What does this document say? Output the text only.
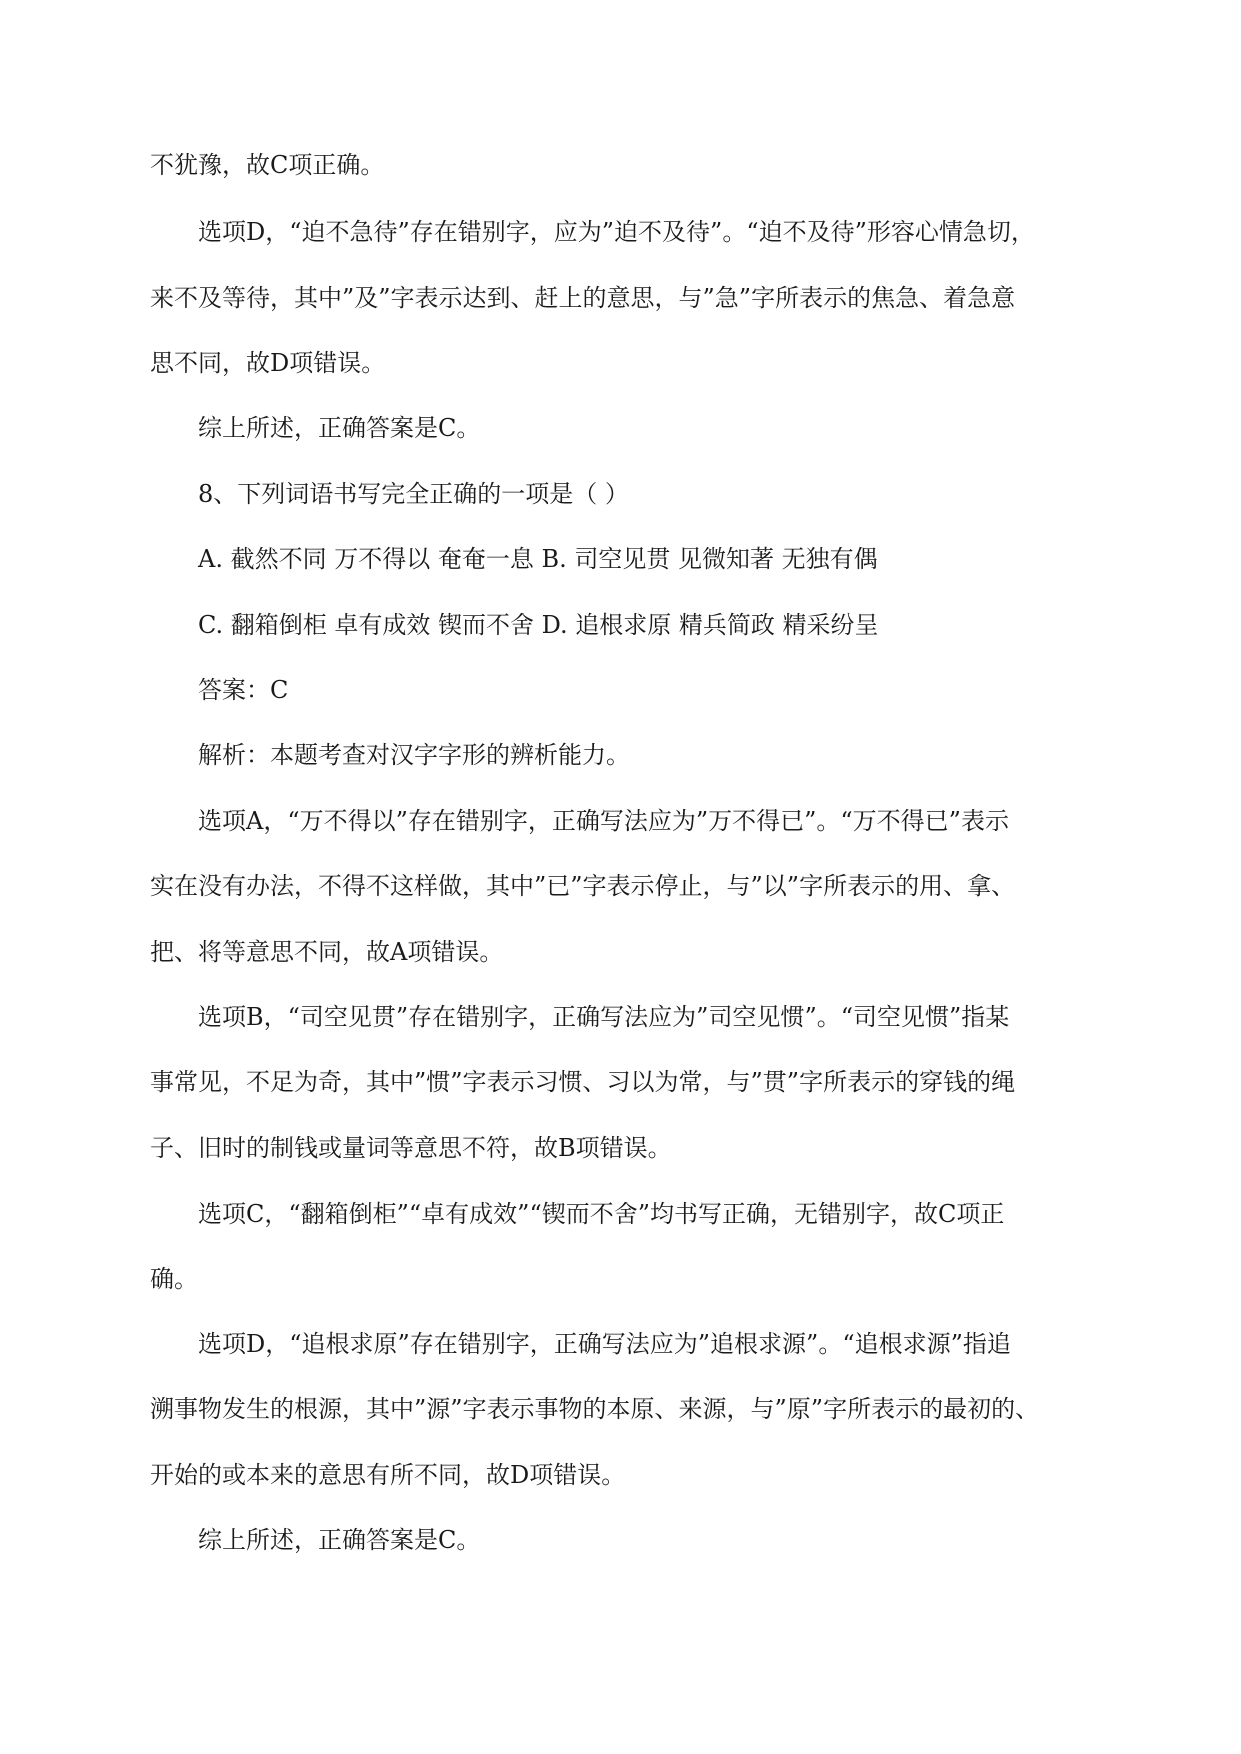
不犹豫，故C项正确。
选项D，“迫不急待”存在错别字，应为”迫不及待”。“迫不及待”形容心情急切，
来不及等待，其中”及”字表示达到、赶上的意思，与”急”字所表示的焦急、着急意
思不同，故D项错误。
综上所述，正确答案是C。
8、下列词语书写完全正确的一项是（ ）
A. 截然不同 万不得以 奄奄一息 B. 司空见贯 见微知著 无独有偶
C. 翻箱倒柜 卓有成效 锲而不舍 D. 追根求原 精兵简政 精采纷呈
答案：C
解析：本题考查对汉字字形的辨析能力。
选项A，“万不得以”存在错别字，正确写法应为”万不得已”。“万不得已”表示
实在没有办法，不得不这样做，其中”已”字表示停止，与”以”字所表示的用、拿、
把、将等意思不同，故A项错误。
选项B，“司空见贯”存在错别字，正确写法应为”司空见惯”。“司空见惯”指某
事常见，不足为奇，其中”惯”字表示习惯、习以为常，与”贯”字所表示的穿钱的绳
子、旧时的制钱或量词等意思不符，故B项错误。
选项C，“翻箱倒柜”“卓有成效”“锲而不舍”均书写正确，无错别字，故C项正
确。
选项D，“追根求原”存在错别字，正确写法应为”追根求源”。“追根求源”指追
溯事物发生的根源，其中”源”字表示事物的本原、来源，与”原”字所表示的最初的、
开始的或本来的意思有所不同，故D项错误。
综上所述，正确答案是C。
